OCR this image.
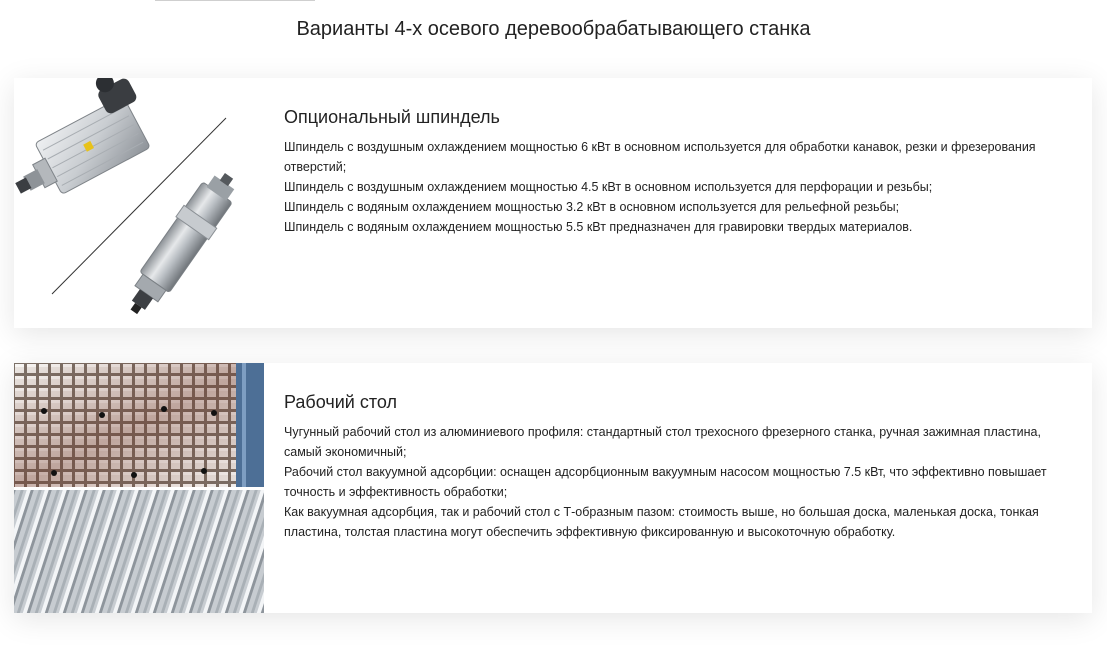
Варианты 4-х осевого деревообрабатывающего станка
Опциональный шпиндель

Шпиндель с воздушным охлаждением мощностью 6 кВт в основном используется для обработки канавок, резки и фрезерования отверстий;

Шпиндель с воздушным охлаждением мощностью 4.5 кВт в основном используется для перфорации и резьбы;

Шпиндель с водяным охлаждением мощностью 3.2 кВт в основном используется для рельефной резьбы;

Шпиндель с водяным охлаждением мощностью 5.5 кВт предназначен для гравировки твердых материалов.

Рабочий стол

Чугунный рабочий стол из алюминиевого профиля: стандартный стол трехосного фрезерного станка, ручная зажимная пластина, самый экономичный;

Рабочий стол вакуумной адсорбции: оснащен адсорбционным вакуумным насосом мощностью 7.5 кВт, что эффективно повышает точность и эффективность обработки;

Как вакуумная адсорбция, так и рабочий стол с Т-образным пазом: стоимость выше, но большая доска, маленькая доска, тонкая пластина, толстая пластина могут обеспечить эффективную фиксированную и высокоточную обработку.
